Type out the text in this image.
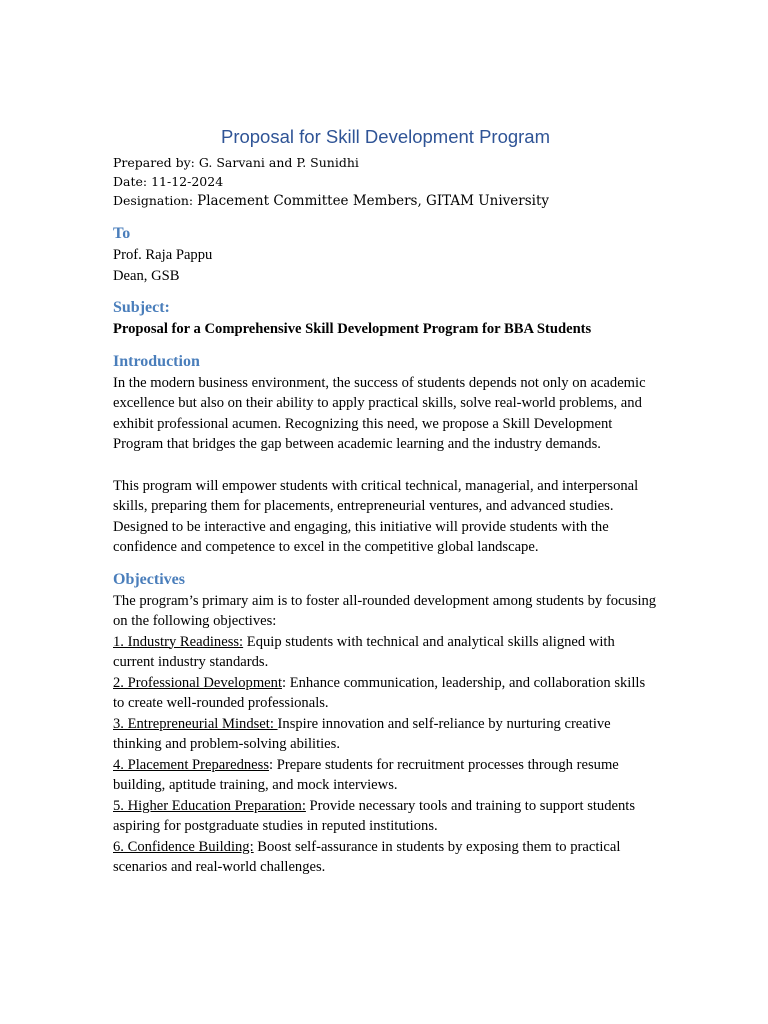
Proposal for Skill Development Program

Prepared by: G. Sarvani and P. Sunidhi

Date: 11-12-2024

Designation: Placement Committee Members, GITAM University

To

Prof. Raja Pappu

Dean, GSB

Subject:

Proposal for a Comprehensive Skill Development Program for BBA Students

Introduction

In the modern business environment, the success of students depends not only on academic excellence but also on their ability to apply practical skills, solve real-world problems, and exhibit professional acumen. Recognizing this need, we propose a Skill Development Program that bridges the gap between academic learning and the industry demands.

This program will empower students with critical technical, managerial, and interpersonal skills, preparing them for placements, entrepreneurial ventures, and advanced studies. Designed to be interactive and engaging, this initiative will provide students with the confidence and competence to excel in the competitive global landscape.

Objectives

The program’s primary aim is to foster all-rounded development among students by focusing on the following objectives:

1. Industry Readiness: Equip students with technical and analytical skills aligned with current industry standards.

2. Professional Development: Enhance communication, leadership, and collaboration skills to create well-rounded professionals.

3. Entrepreneurial Mindset: Inspire innovation and self-reliance by nurturing creative thinking and problem-solving abilities.

4. Placement Preparedness: Prepare students for recruitment processes through resume building, aptitude training, and mock interviews.

5. Higher Education Preparation: Provide necessary tools and training to support students aspiring for postgraduate studies in reputed institutions.

6. Confidence Building: Boost self-assurance in students by exposing them to practical scenarios and real-world challenges.
